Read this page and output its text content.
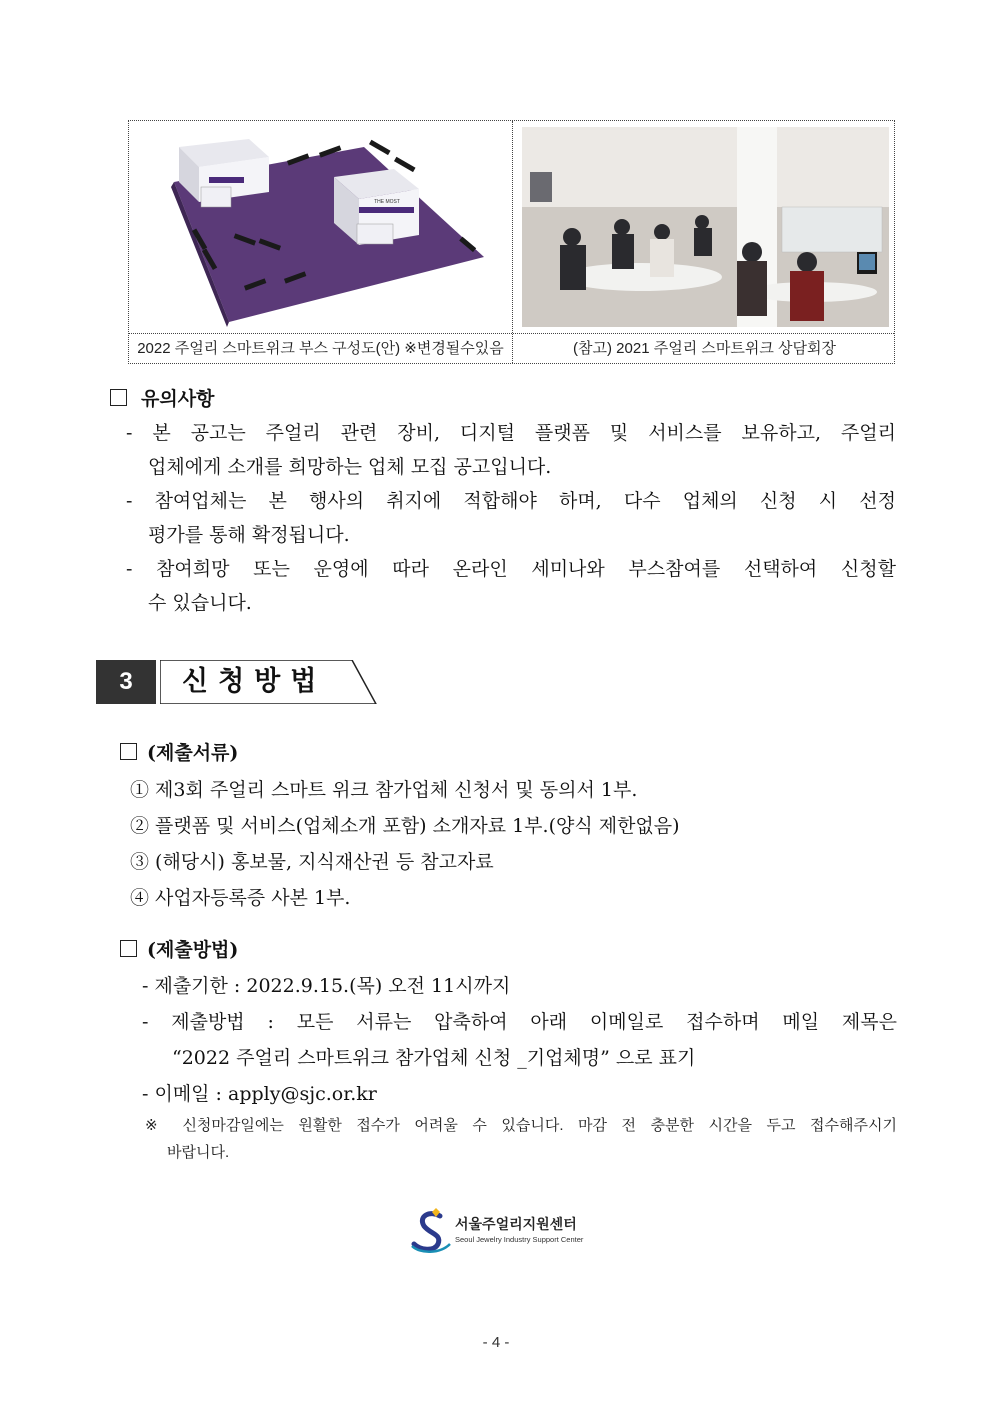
THE MOST
2022 주얼리 스마트위크 부스 구성도(안) ※변경될수있음	(참고) 2021 주얼리 스마트위크 상담회장
유의사항
- 본 공고는 주얼리 관련 장비, 디지털 플랫폼 및 서비스를 보유하고, 주얼리
업체에게 소개를 희망하는 업체 모집 공고입니다.
- 참여업체는 본 행사의 취지에 적합해야 하며, 다수 업체의 신청 시 선정
평가를 통해 확정됩니다.
- 참여희망 또는 운영에 따라 온라인 세미나와 부스참여를 선택하여 신청할
수 있습니다.
3	신청방법
(제출서류)
① 제3회 주얼리 스마트 위크 참가업체 신청서 및 동의서 1부.
② 플랫폼 및 서비스(업체소개 포함) 소개자료 1부.(양식 제한없음)
③ (해당시) 홍보물, 지식재산권 등 참고자료
④ 사업자등록증 사본 1부.
(제출방법)
- 제출기한 : 2022.9.15.(목) 오전 11시까지
- 제출방법 : 모든 서류는 압축하여 아래 이메일로 접수하며 메일 제목은
“2022 주얼리 스마트위크 참가업체 신청 _기업체명” 으로 표기
- 이메일 : apply@sjc.or.kr
※ 신청마감일에는 원활한 접수가 어려울 수 있습니다. 마감 전 충분한 시간을 두고 접수해주시기
바랍니다.
서울주얼리지원센터
Seoul Jewelry Industry Support Center
- 4 -
